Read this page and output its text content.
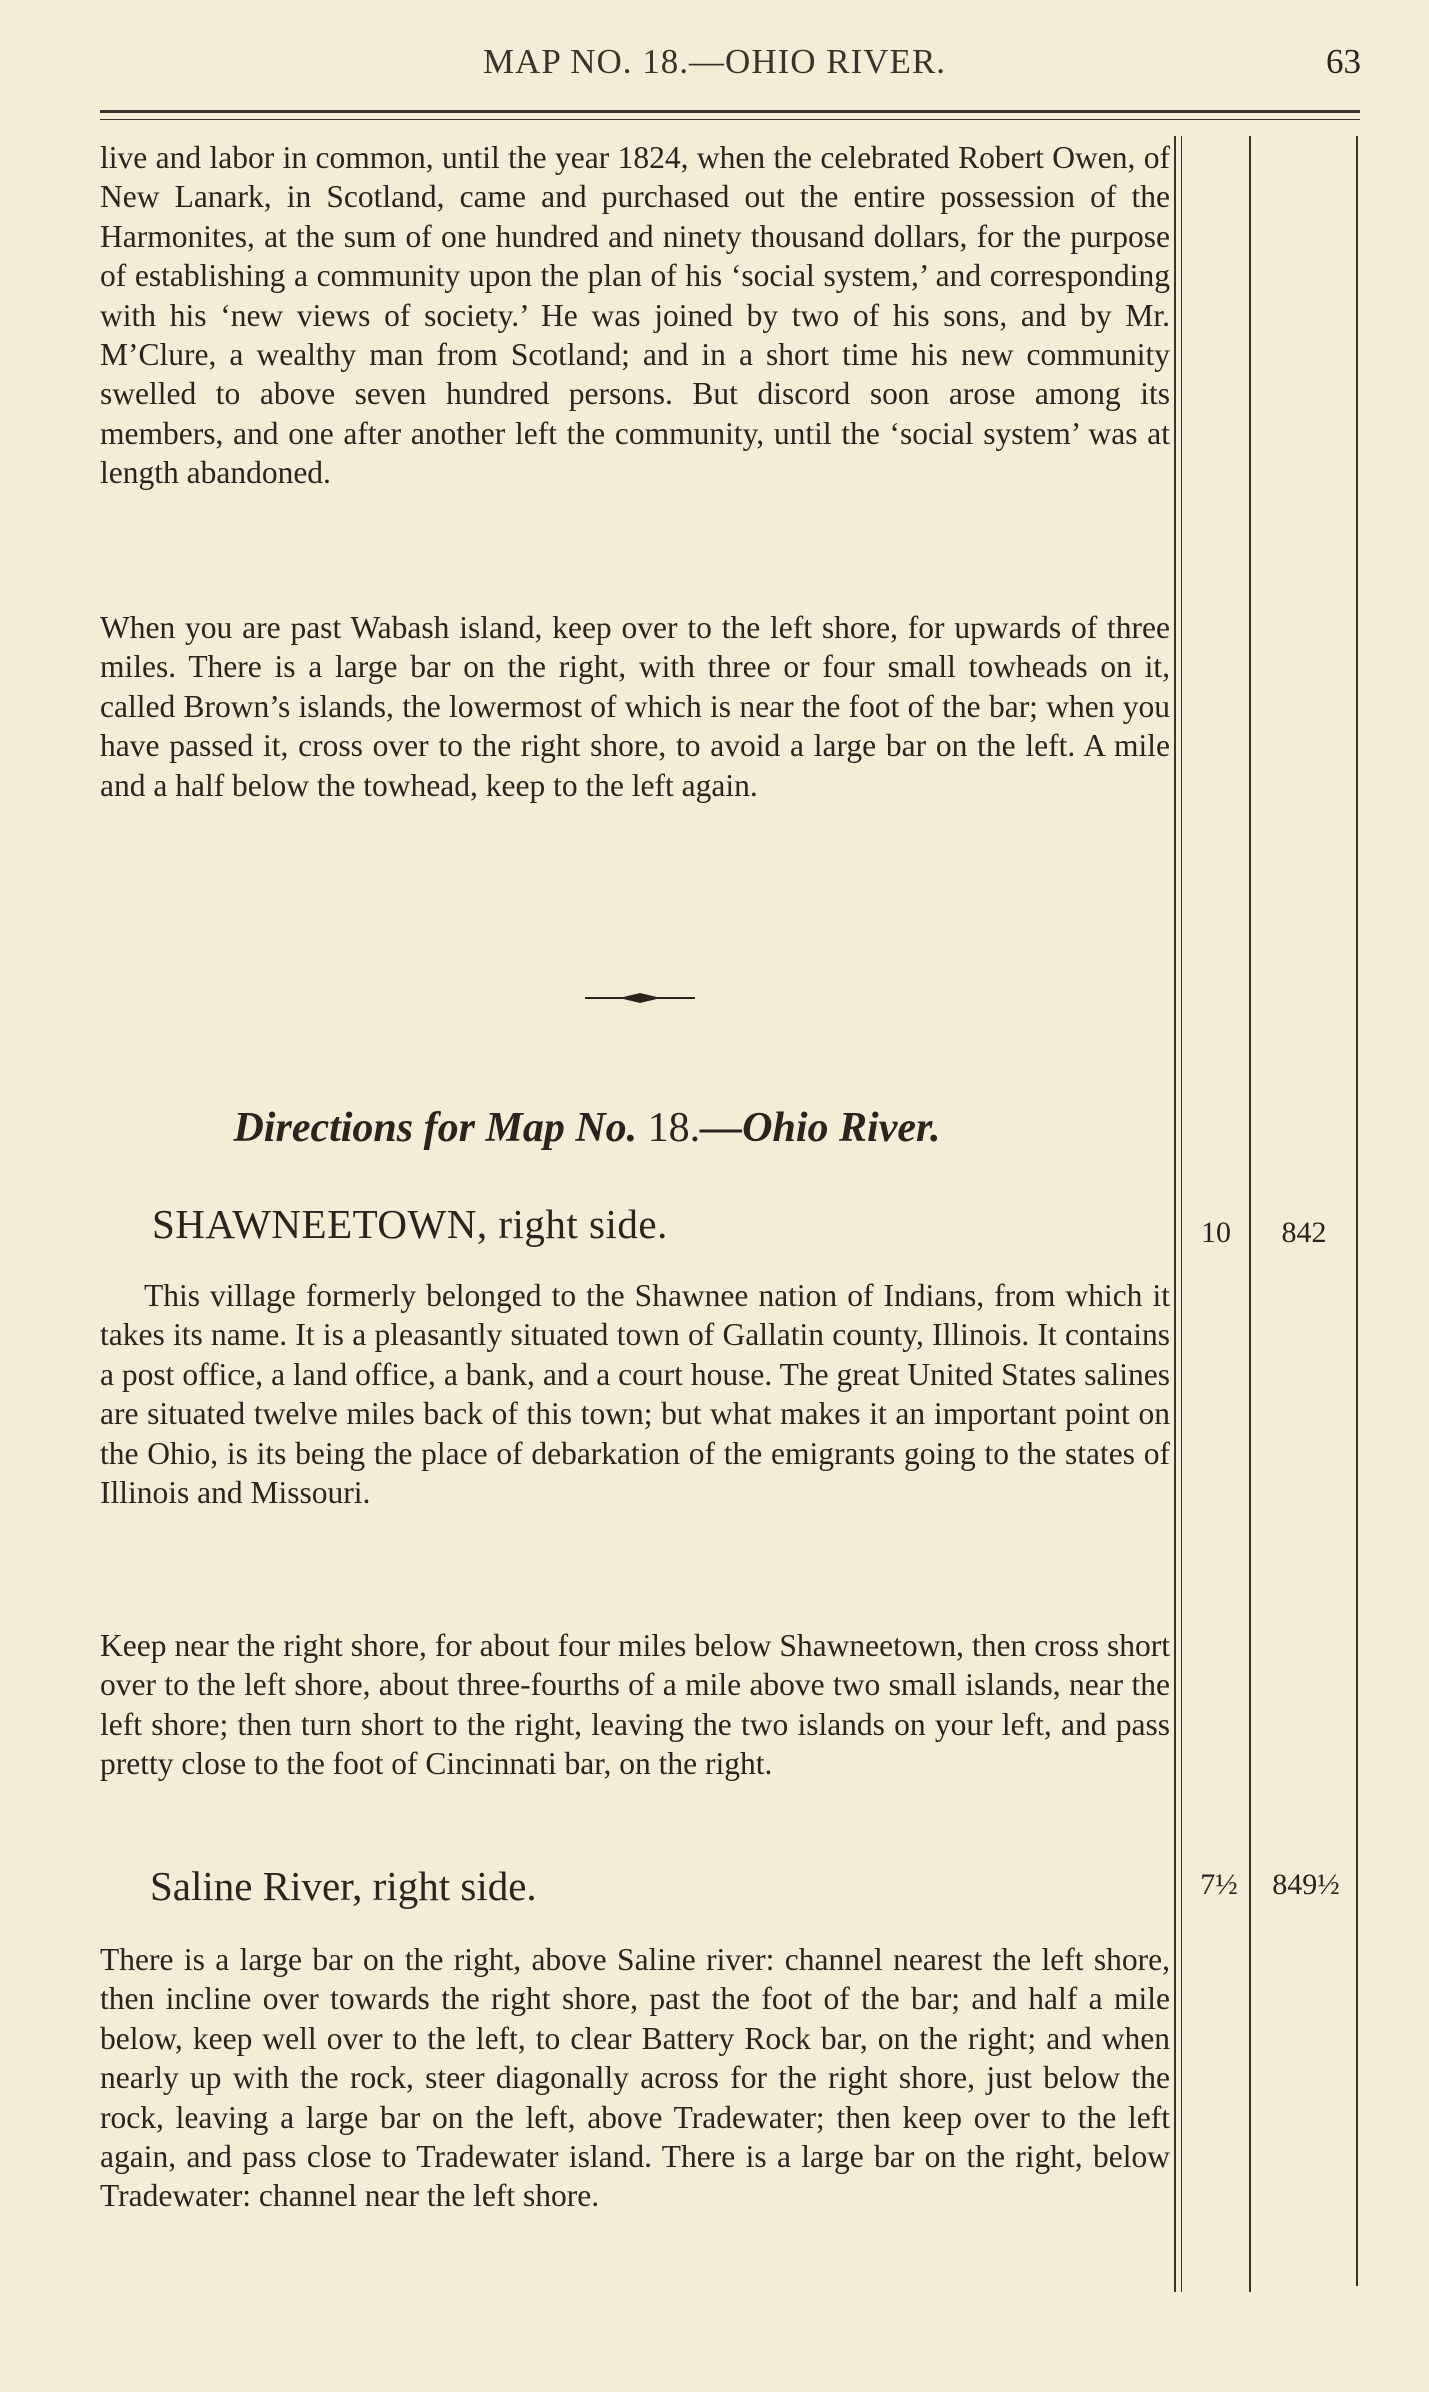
MAP NO. 18.—OHIO RIVER.	63

live and labor in common, until the year 1824, when the celebrated Robert Owen, of New Lanark, in Scotland, came and purchased out the entire possession of the Harmonites, at the sum of one hundred and ninety thousand dollars, for the purpose of establishing a community upon the plan of his ‘social system,’ and corresponding with his ‘new views of society.’ He was joined by two of his sons, and by Mr. M’Clure, a wealthy man from Scotland; and in a short time his new community swelled to above seven hundred persons. But discord soon arose among its members, and one after another left the community, until the ‘social system’ was at length abandoned.

When you are past Wabash island, keep over to the left shore, for upwards of three miles. There is a large bar on the right, with three or four small towheads on it, called Brown’s islands, the lowermost of which is near the foot of the bar; when you have passed it, cross over to the right shore, to avoid a large bar on the left. A mile and a half below the towhead, keep to the left again.

Directions for Map No. 18.—Ohio River.
SHAWNEETOWN, right side.	10	842

This village formerly belonged to the Shawnee nation of Indians, from which it takes its name. It is a pleasantly situated town of Gallatin county, Illinois. It contains a post office, a land office, a bank, and a court house. The great United States salines are situated twelve miles back of this town; but what makes it an important point on the Ohio, is its being the place of debarkation of the emigrants going to the states of Illinois and Missouri.

Keep near the right shore, for about four miles below Shawneetown, then cross short over to the left shore, about three-fourths of a mile above two small islands, near the left shore; then turn short to the right, leaving the two islands on your left, and pass pretty close to the foot of Cincinnati bar, on the right.

Saline River, right side.	7½	849½

There is a large bar on the right, above Saline river: channel nearest the left shore, then incline over towards the right shore, past the foot of the bar; and half a mile below, keep well over to the left, to clear Battery Rock bar, on the right; and when nearly up with the rock, steer diagonally across for the right shore, just below the rock, leaving a large bar on the left, above Tradewater; then keep over to the left again, and pass close to Tradewater island. There is a large bar on the right, below Tradewater: channel near the left shore.
